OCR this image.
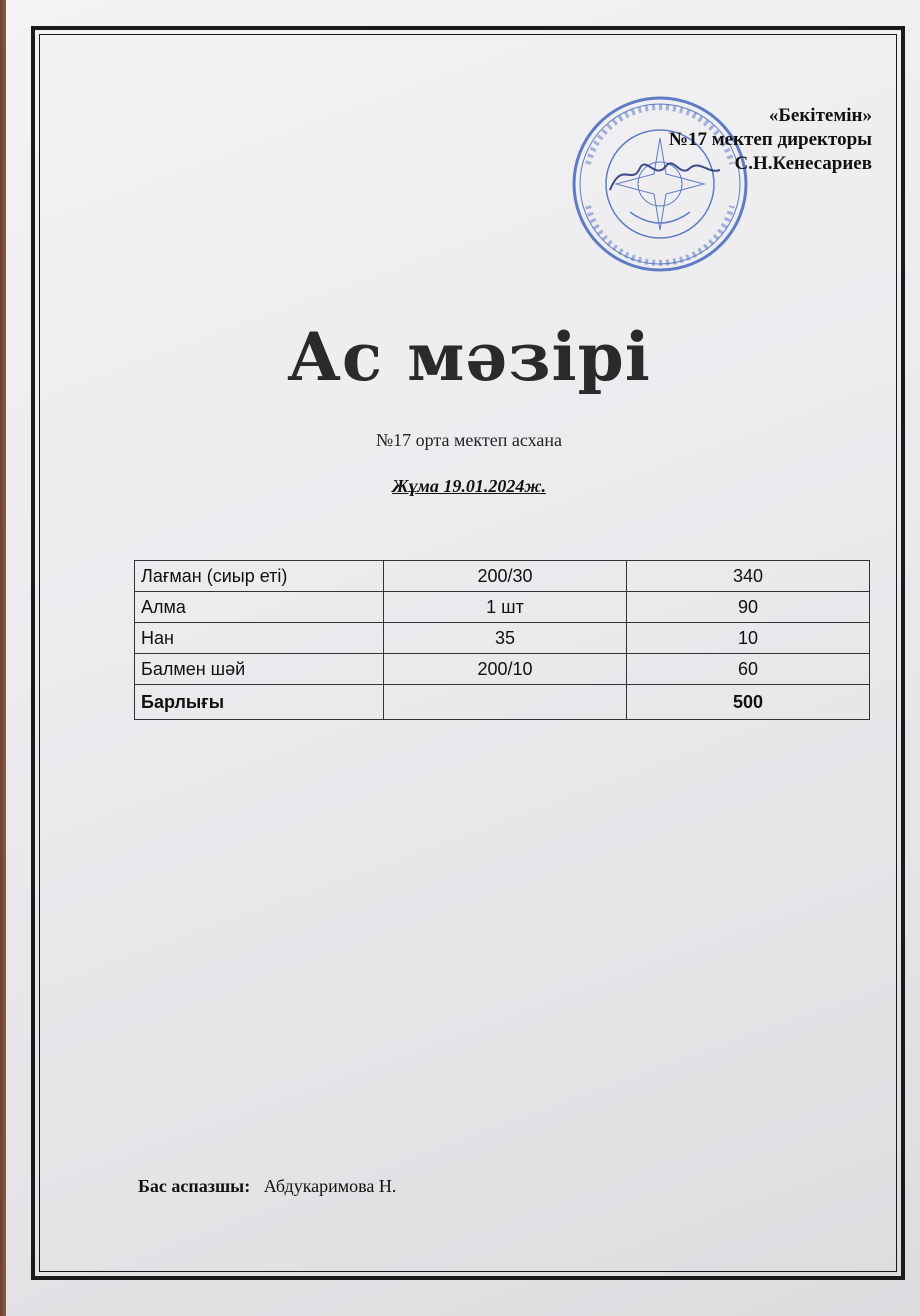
«Бекітемін»
№17 мектеп директоры
С.Н.Кенесариев
Ас мәзірі
№17 орта мектеп асхана
Жұма 19.01.2024ж.
Лағман (сиыр еті)	200/30	340
Алма	1 шт	90
Нан	35	10
Балмен шәй	200/10	60
Барлығы		500
Бас аспазшы: Абдукаримова Н.
